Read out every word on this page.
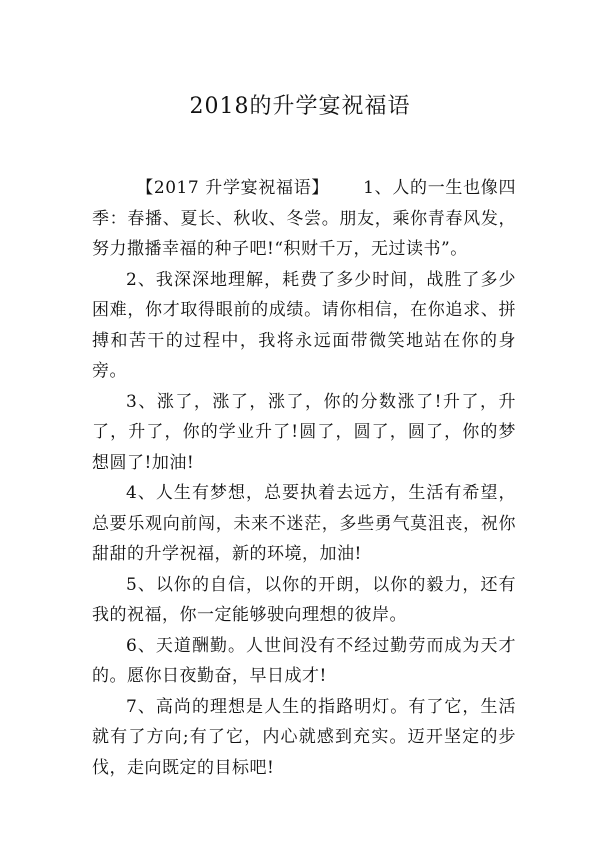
2018的升学宴祝福语

【2017 升学宴祝福语】 1、人的一生也像四季：春播、夏长、秋收、冬尝。朋友，乘你青春风发，努力撒播幸福的种子吧!“积财千万，无过读书”。

2、我深深地理解，耗费了多少时间，战胜了多少困难，你才取得眼前的成绩。请你相信，在你追求、拼搏和苦干的过程中，我将永远面带微笑地站在你的身旁。

3、涨了，涨了，涨了，你的分数涨了!升了，升了，升了，你的学业升了!圆了，圆了，圆了，你的梦想圆了!加油!

4、人生有梦想，总要执着去远方，生活有希望，总要乐观向前闯，未来不迷茫，多些勇气莫沮丧，祝你甜甜的升学祝福，新的环境，加油!

5、以你的自信，以你的开朗，以你的毅力，还有我的祝福，你一定能够驶向理想的彼岸。

6、天道酬勤。人世间没有不经过勤劳而成为天才的。愿你日夜勤奋，早日成才!

7、高尚的理想是人生的指路明灯。有了它，生活就有了方向;有了它，内心就感到充实。迈开坚定的步伐，走向既定的目标吧!
